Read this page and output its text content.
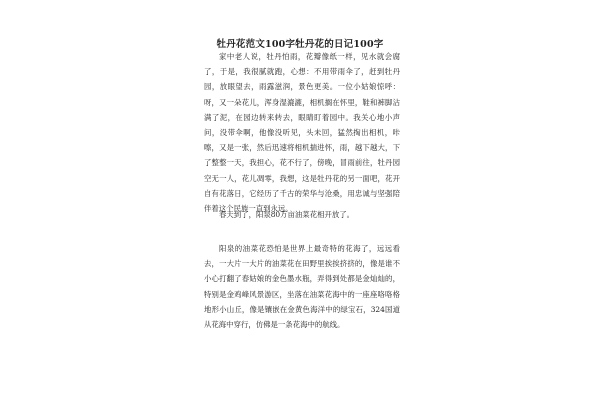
牡丹花范文100字牡丹花的日记100字

家中老人说，牡丹怕雨，花瓣像纸一样，见水就会腐了，于是，我很腻就跑，心想：不用带雨伞了，赶到牡丹园，放眼望去，雨露滋润，景色更美。一位小姑娘惊呼：呀，又一朵花儿，浑身湿漉漉，相机搁在怀里，鞋和裤脚沾满了泥，在园边转来转去，眼睛盯着园中。我关心地小声问，没带伞啊，他像没听见，头未回，猛然掏出相机，咔嚓，又是一张，然后迅速将相机揣进怀，雨，越下越大，下了整整一天，我担心，花不行了，傍晚，冒雨前往，牡丹园空无一人，花儿凋零，我想，这是牡丹花的另一面吧，花开自有花落日，它经历了千古的荣华与沧桑，用忠诚与坚强陪伴着这个民族一直到永远。

春天到了，阳泉80万亩油菜花相开放了。

阳泉的油菜花恐怕是世界上最奇特的花海了，远远看去，一大片一大片的油菜花在田野里挨挨挤挤的，像是谁不小心打翻了春姑娘的金色墨水瓶，弄得到处都是金灿灿的，特别是金鸡峰风景游区，坐落在油菜花海中的一座座咯咯格地形小山丘，像是镶嵌在金黄色海洋中的绿宝石，324国道从花海中穿行，仿佛是一条花海中的航线。
